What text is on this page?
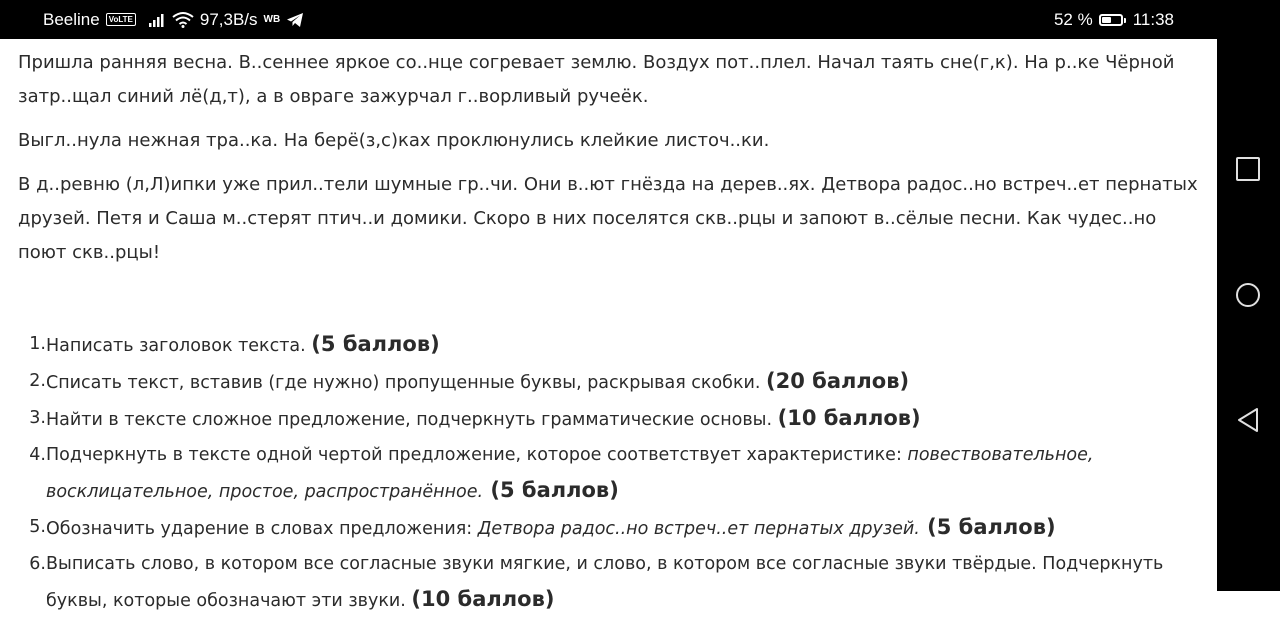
Beeline	VoLTE	97,3B/s WB	52 % 11:38

Пришла ранняя весна. В..сеннее яркое со..нце согревает землю. Воздух пот..плел. Начал таять сне(г,к). На р..ке Чёрной затр..щал синий лё(д,т), а в овраге зажурчал г..ворливый ручеёк.

Выгл..нула нежная тра..ка. На берё(з,с)ках проклюнулись клейкие листоч..ки.

В д..ревню (л,Л)ипки уже прил..тели шумные гр..чи. Они в..ют гнёзда на дерев..ях. Детвора радос..но встреч..ет пернатых друзей. Петя и Саша м..стерят птич..и домики. Скоро в них поселятся скв..рцы и запоют в..сёлые песни. Как чудес..но поют скв..рцы!

1. Написать заголовок текста. (5 баллов)
2. Списать текст, вставив (где нужно) пропущенные буквы, раскрывая скобки. (20 баллов)
3. Найти в тексте сложное предложение, подчеркнуть грамматические основы. (10 баллов)
4. Подчеркнуть в тексте одной чертой предложение, которое соответствует характеристике: повествовательное, восклицательное, простое, распространённое. (5 баллов)
5. Обозначить ударение в словах предложения: Детвора радос..но встреч..ет пернатых друзей. (5 баллов)
6. Выписать слово, в котором все согласные звуки мягкие, и слово, в котором все согласные звуки твёрдые. Подчеркнуть буквы, которые обозначают эти звуки. (10 баллов)
